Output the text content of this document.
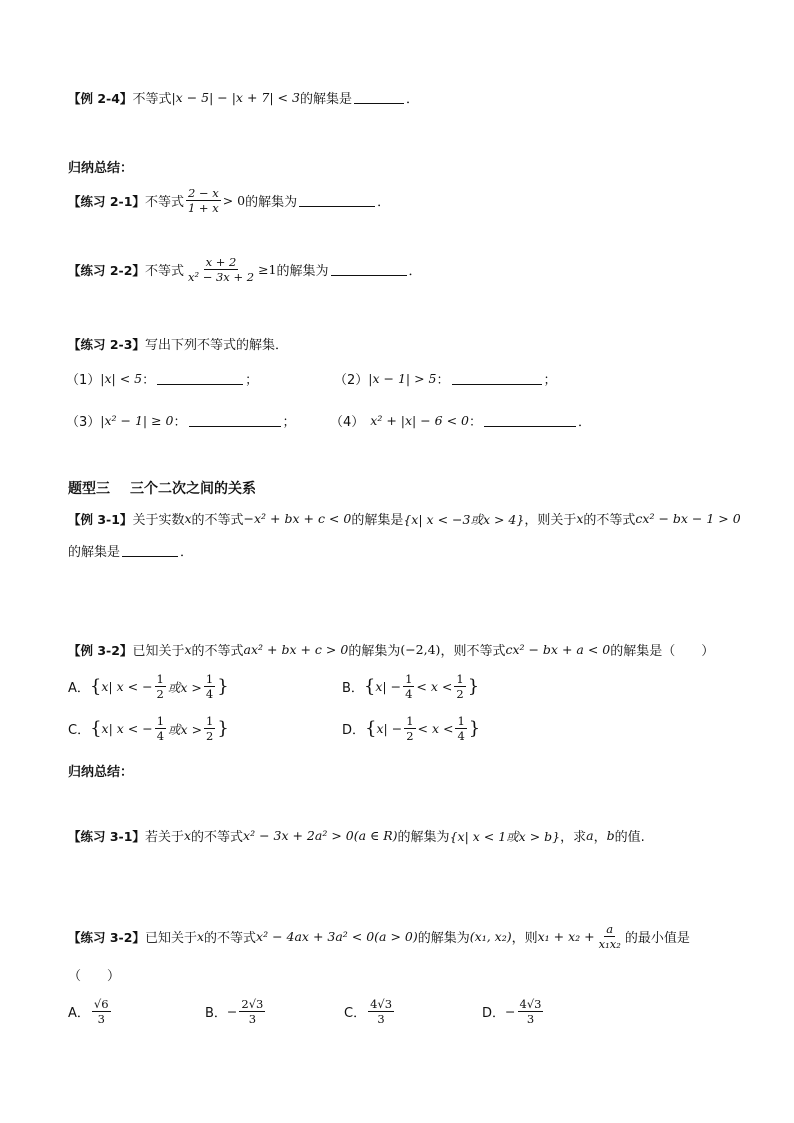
【例 2-4】 不等式 |x − 5| − |x + 7| < 3 的解集是	．
归纳总结：
【练习 2-1】 不等式 $\frac{2 - x}{1 + x} > 0$ 的解集为	．
【练习 2-2】 不等式 $\frac{x + 2}{\text{x² − 3x + 2}} \ge 1$ 的解集为	．
【练习 2-3】 写出下列不等式的解集．
（1） |x| < 5 ：	；	（2） |x − 1| > 5 ：	；
（3） |x² − 1| ≥ 0 ：	；	（4） x² + |x| − 6 < 0 ：	．
题型三 三个二次之间的关系
【例 3-1】 关于实数 x 的不等式 −x² + bx + c < 0 的解集是 {x| x < −3或x > 4} ，则关于 x 的不等式 cx² − bx − 1 > 0
的解集是	．
【例 3-2】 已知关于 x 的不等式 ax² + bx + c > 0 的解集为 (−2,4) ，则不等式 cx² − bx + a < 0 的解集是（　　）
A． { x| x < − $\frac{1}{2}$ 或$x > \frac{1}{4}$ }	B． { $x| - \frac{1}{4} < x < \frac{1}{2}$ }
C． { x| x < − $\frac{1}{4}$ 或$x > \frac{1}{2}$ }	D． { $x| - \frac{1}{2} < x < \frac{1}{4}$ }
归纳总结：
【练习 3-1】 若关于 x 的不等式 x² − 3x + 2a² > 0(a ∈ R) 的解集为 {x| x < 1或x > b} ，求 a ， b 的值.
【练习 3-2】 已知关于 x 的不等式 x² − 4ax + 3a² < 0(a > 0) 的解集为 (x₁, x₂) ，则 $x_1 + x_2 + \frac{a}{\text{x₁x₂}}$ 的最小值是
（　　）
A． $\frac{√6}{3}$	B． − $\frac{2√3}{3}$	C． $\frac{4√3}{3}$	D． − $\frac{4√3}{3}$
